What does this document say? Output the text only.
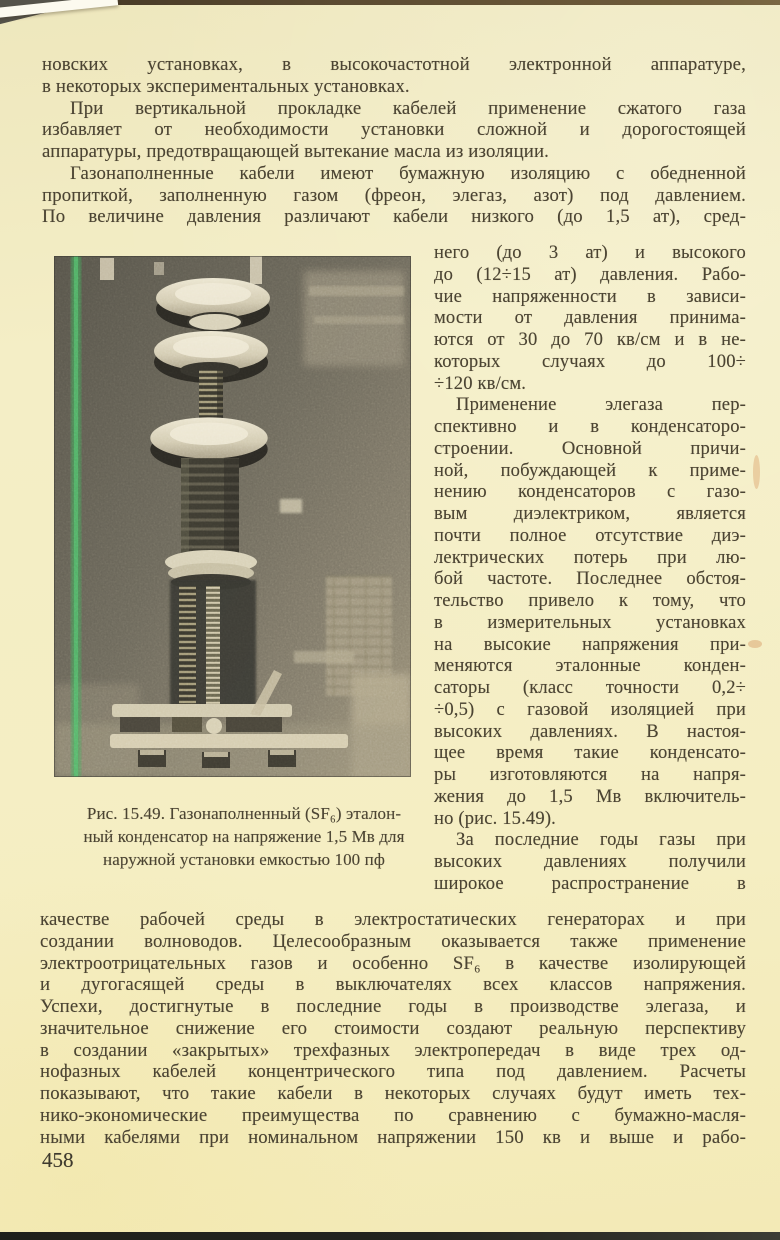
новских установках, в высокочастотной электронной аппаратуре,
в некоторых экспериментальных установках.
При вертикальной прокладке кабелей применение сжатого газа
избавляет от необходимости установки сложной и дорогостоящей
аппаратуры, предотвращающей вытекание масла из изоляции.
Газонаполненные кабели имеют бумажную изоляцию с обедненной
пропиткой, заполненную газом (фреон, элегаз, азот) под давлением.
По величине давления различают кабели низкого (до 1,5 ат), сред-
него (до 3 ат) и высокого
до (12÷15 ат) давления. Рабо-
чие напряженности в зависи-
мости от давления принима-
ются от 30 до 70 кв/см и в не-
которых случаях до 100÷
÷120 кв/см.
Применение элегаза пер-
спективно и в конденсаторо-
строении. Основной причи-
ной, побуждающей к приме-
нению конденсаторов с газо-
вым диэлектриком, является
почти полное отсутствие диэ-
лектрических потерь при лю-
бой частоте. Последнее обстоя-
тельство привело к тому, что
в измерительных установках
на высокие напряжения при-
меняются эталонные конден-
саторы (класс точности 0,2÷
÷0,5) с газовой изоляцией при
высоких давлениях. В настоя-
щее время такие конденсато-
ры изготовляются на напря-
жения до 1,5 Мв включитель-
но (рис. 15.49).
За последние годы газы при
высоких давлениях получили
широкое распространение в
Рис. 15.49. Газонаполненный (SF₆) эталон-
ный конденсатор на напряжение 1,5 Мв для
наружной установки емкостью 100 пф
качестве рабочей среды в электростатических генераторах и при
создании волноводов. Целесообразным оказывается также применение
электроотрицательных газов и особенно SF₆ в качестве изолирующей
и дугогасящей среды в выключателях всех классов напряжения.
Успехи, достигнутые в последние годы в производстве элегаза, и
значительное снижение его стоимости создают реальную перспективу
в создании «закрытых» трехфазных электропередач в виде трех од-
нофазных кабелей концентрического типа под давлением. Расчеты
показывают, что такие кабели в некоторых случаях будут иметь тех-
нико-экономические преимущества по сравнению с бумажно-масля-
ными кабелями при номинальном напряжении 150 кв и выше и рабо-
458
